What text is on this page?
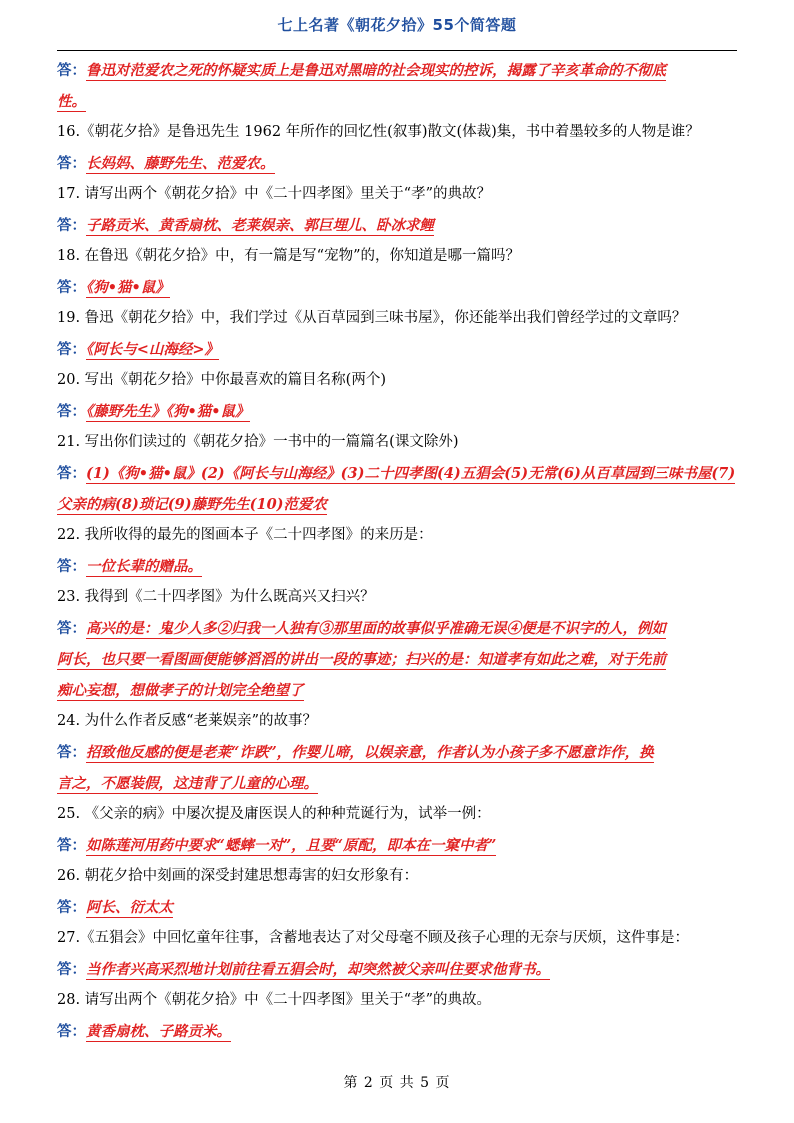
七上名著《朝花夕拾》55个简答题
答：鲁迅对范爱农之死的怀疑实质上是鲁迅对黑暗的社会现实的控诉，揭露了辛亥革命的不彻底
性。
16.《朝花夕拾》是鲁迅先生 1962 年所作的回忆性(叙事)散文(体裁)集，书中着墨较多的人物是谁？
答：长妈妈、藤野先生、范爱农。
17. 请写出两个《朝花夕拾》中《二十四孝图》里关于“孝”的典故？
答：子路贡米、黄香扇枕、老莱娱亲、郭巨埋儿、卧冰求鲤
18. 在鲁迅《朝花夕拾》中，有一篇是写“宠物”的，你知道是哪一篇吗？
答：《狗•猫•鼠》
19. 鲁迅《朝花夕拾》中，我们学过《从百草园到三味书屋》，你还能举出我们曾经学过的文章吗？
答：《阿长与<山海经>》
20. 写出《朝花夕拾》中你最喜欢的篇目名称(两个)
答：《藤野先生》《狗•猫•鼠》
21. 写出你们读过的《朝花夕拾》一书中的一篇篇名(课文除外)
答：(1)《狗•猫•鼠》(2)《阿长与山海经》(3)二十四孝图(4)五猖会(5)无常(6)从百草园到三味书屋(7)
父亲的病(8)琐记(9)藤野先生(10)范爱农
22. 我所收得的最先的图画本子《二十四孝图》的来历是：
答：一位长辈的赠品。
23. 我得到《二十四孝图》为什么既高兴又扫兴？
答：高兴的是：鬼少人多②归我一人独有③那里面的故事似乎准确无误④便是不识字的人，例如
阿长，也只要一看图画便能够滔滔的讲出一段的事迹；扫兴的是：知道孝有如此之难，对于先前
痴心妄想，想做孝子的计划完全绝望了
24. 为什么作者反感“老莱娱亲”的故事？
答：招致他反感的便是老莱“诈跌”，作婴儿啼，以娱亲意，作者认为小孩子多不愿意诈作，换
言之，不愿装假，这违背了儿童的心理。
25. 《父亲的病》中屡次提及庸医误人的种种荒诞行为，试举一例：
答：如陈莲河用药中要求“蟋蟀一对”，且要“原配，即本在一窠中者”
26. 朝花夕拾中刻画的深受封建思想毒害的妇女形象有：
答：阿长、衍太太
27.《五猖会》中回忆童年往事，含蓄地表达了对父母毫不顾及孩子心理的无奈与厌烦，这件事是：
答：当作者兴高采烈地计划前往看五猖会时，却突然被父亲叫住要求他背书。
28. 请写出两个《朝花夕拾》中《二十四孝图》里关于“孝”的典故。
答：黄香扇枕、子路贡米。
第 2 页 共 5 页
